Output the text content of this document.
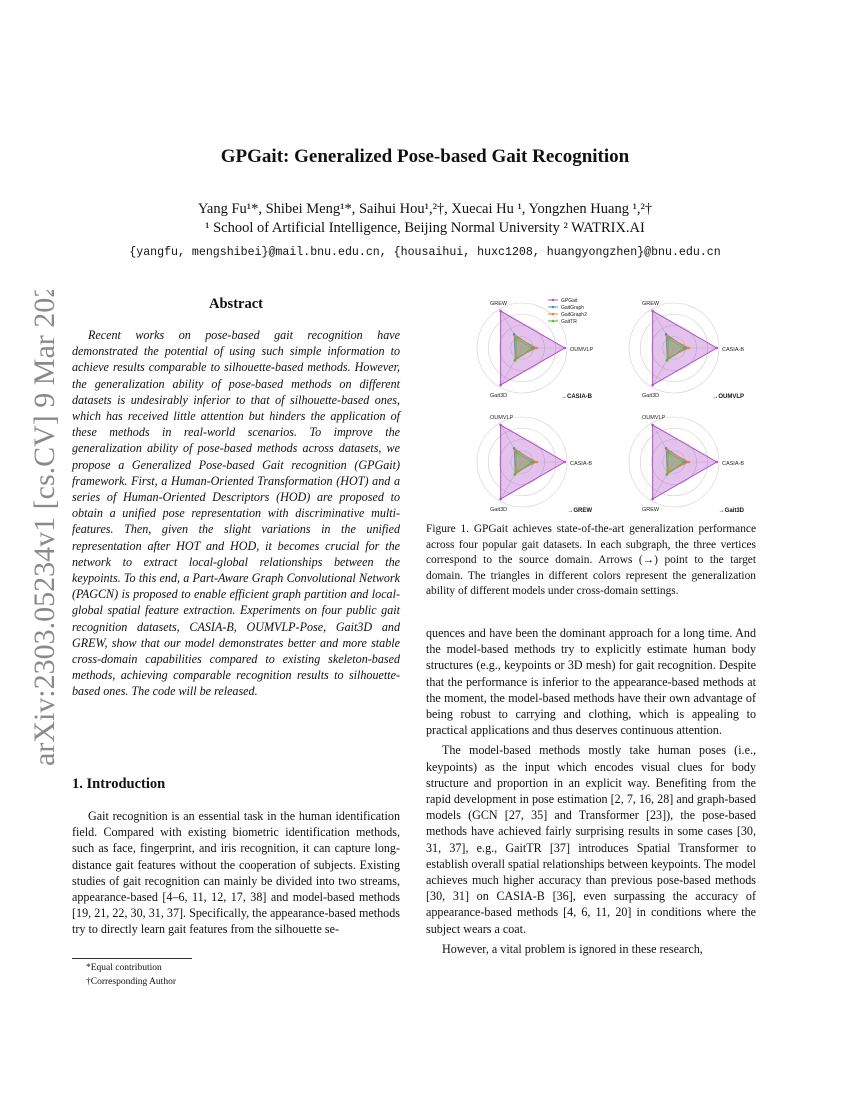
arXiv:2303.05234v1 [cs.CV] 9 Mar 2023
GPGait: Generalized Pose-based Gait Recognition
Yang Fu¹*, Shibei Meng¹*, Saihui Hou¹,²†, Xuecai Hu ¹, Yongzhen Huang ¹,²†
¹ School of Artificial Intelligence, Beijing Normal University ² WATRIX.AI
{yangfu, mengshibei}@mail.bnu.edu.cn, {housaihui, huxc1208, huangyongzhen}@bnu.edu.cn
Abstract

Recent works on pose-based gait recognition have demonstrated the potential of using such simple information to achieve results comparable to silhouette-based methods. However, the generalization ability of pose-based methods on different datasets is undesirably inferior to that of silhouette-based ones, which has received little attention but hinders the application of these methods in real-world scenarios. To improve the generalization ability of pose-based methods across datasets, we propose a Generalized Pose-based Gait recognition (GPGait) framework. First, a Human-Oriented Transformation (HOT) and a series of Human-Oriented Descriptors (HOD) are proposed to obtain a unified pose representation with discriminative multi-features. Then, given the slight variations in the unified representation after HOT and HOD, it becomes crucial for the network to extract local-global relationships between the keypoints. To this end, a Part-Aware Graph Convolutional Network (PAGCN) is proposed to enable efficient graph partition and local-global spatial feature extraction. Experiments on four public gait recognition datasets, CASIA-B, OUMVLP-Pose, Gait3D and GREW, show that our model demonstrates better and more stable cross-domain capabilities compared to existing skeleton-based methods, achieving comparable recognition results to silhouette-based ones. The code will be released.

1. Introduction

Gait recognition is an essential task in the human identification field. Compared with existing biometric identification methods, such as face, fingerprint, and iris recognition, it can capture long-distance gait features without the cooperation of subjects. Existing studies of gait recognition can mainly be divided into two streams, appearance-based [4–6, 11, 12, 17, 38] and model-based methods [19, 21, 22, 30, 31, 37]. Specifically, the appearance-based methods try to directly learn gait features from the silhouette se-

*Equal contribution
†Corresponding Author
GREW
OUMVLP
Gait3D	→CASIA-B
GREW
CASIA-B
Gait3D	→OUMVLP
OUMVLP
CASIA-B
Gait3D	→GREW
OUMVLP
CASIA-B
GREW	→Gait3D
GPGait
GaitGraph
GaitGraph2
GaitTR

Figure 1. GPGait achieves state-of-the-art generalization performance across four popular gait datasets. In each subgraph, the three vertices correspond to the source domain. Arrows (→) point to the target domain. The triangles in different colors represent the generalization ability of different models under cross-domain settings.

quences and have been the dominant approach for a long time. And the model-based methods try to explicitly estimate human body structures (e.g., keypoints or 3D mesh) for gait recognition. Despite that the performance is inferior to the appearance-based methods at the moment, the model-based methods have their own advantage of being robust to carrying and clothing, which is appealing to practical applications and thus deserves continuous attention.

The model-based methods mostly take human poses (i.e., keypoints) as the input which encodes visual clues for body structure and proportion in an explicit way. Benefiting from the rapid development in pose estimation [2, 7, 16, 28] and graph-based models (GCN [27, 35] and Transformer [23]), the pose-based methods have achieved fairly surprising results in some cases [30, 31, 37], e.g., GaitTR [37] introduces Spatial Transformer to establish overall spatial relationships between keypoints. The model achieves much higher accuracy than previous pose-based methods [30, 31] on CASIA-B [36], even surpassing the accuracy of appearance-based methods [4, 6, 11, 20] in conditions where the subject wears a coat.

However, a vital problem is ignored in these research,
